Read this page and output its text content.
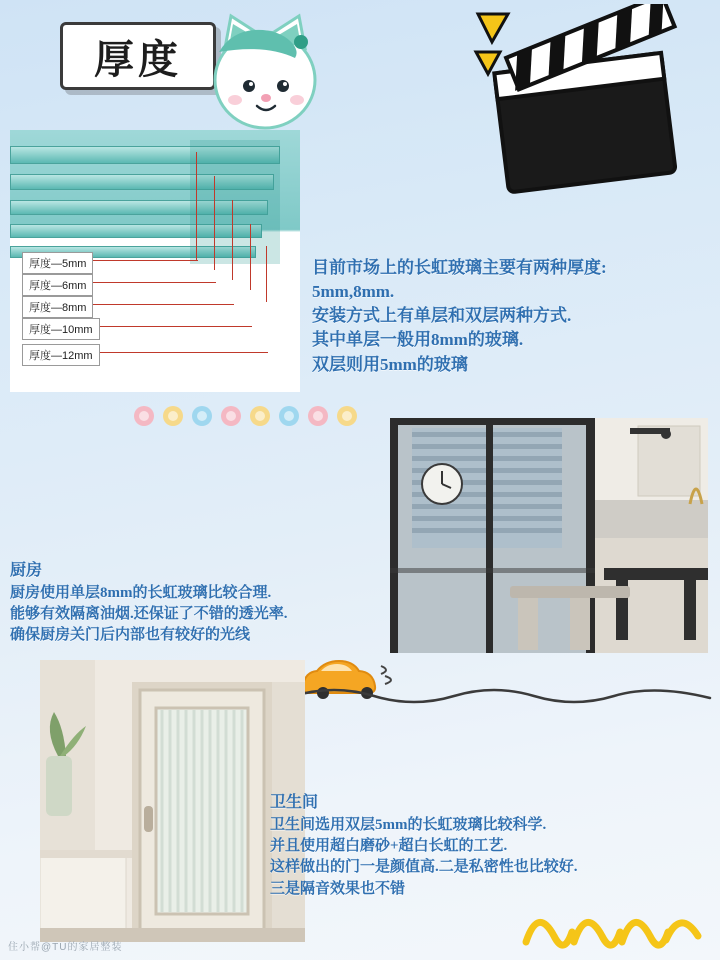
厚度
厚度—5mm
厚度—6mm
厚度—8mm
厚度—10mm
厚度—12mm
目前市场上的长虹玻璃主要有两种厚度:
5mm,8mm.
安装方式上有单层和双层两种方式.
其中单层一般用8mm的玻璃.
双层则用5mm的玻璃
厨房
厨房使用单层8mm的长虹玻璃比较合理.
能够有效隔离油烟.还保证了不错的透光率.
确保厨房关门后内部也有较好的光线
卫生间
卫生间选用双层5mm的长虹玻璃比较科学.
并且使用超白磨砂+超白长虹的工艺.
这样做出的门一是颜值高.二是私密性也比较好.
三是隔音效果也不错
住小帮@TU的家居整装
